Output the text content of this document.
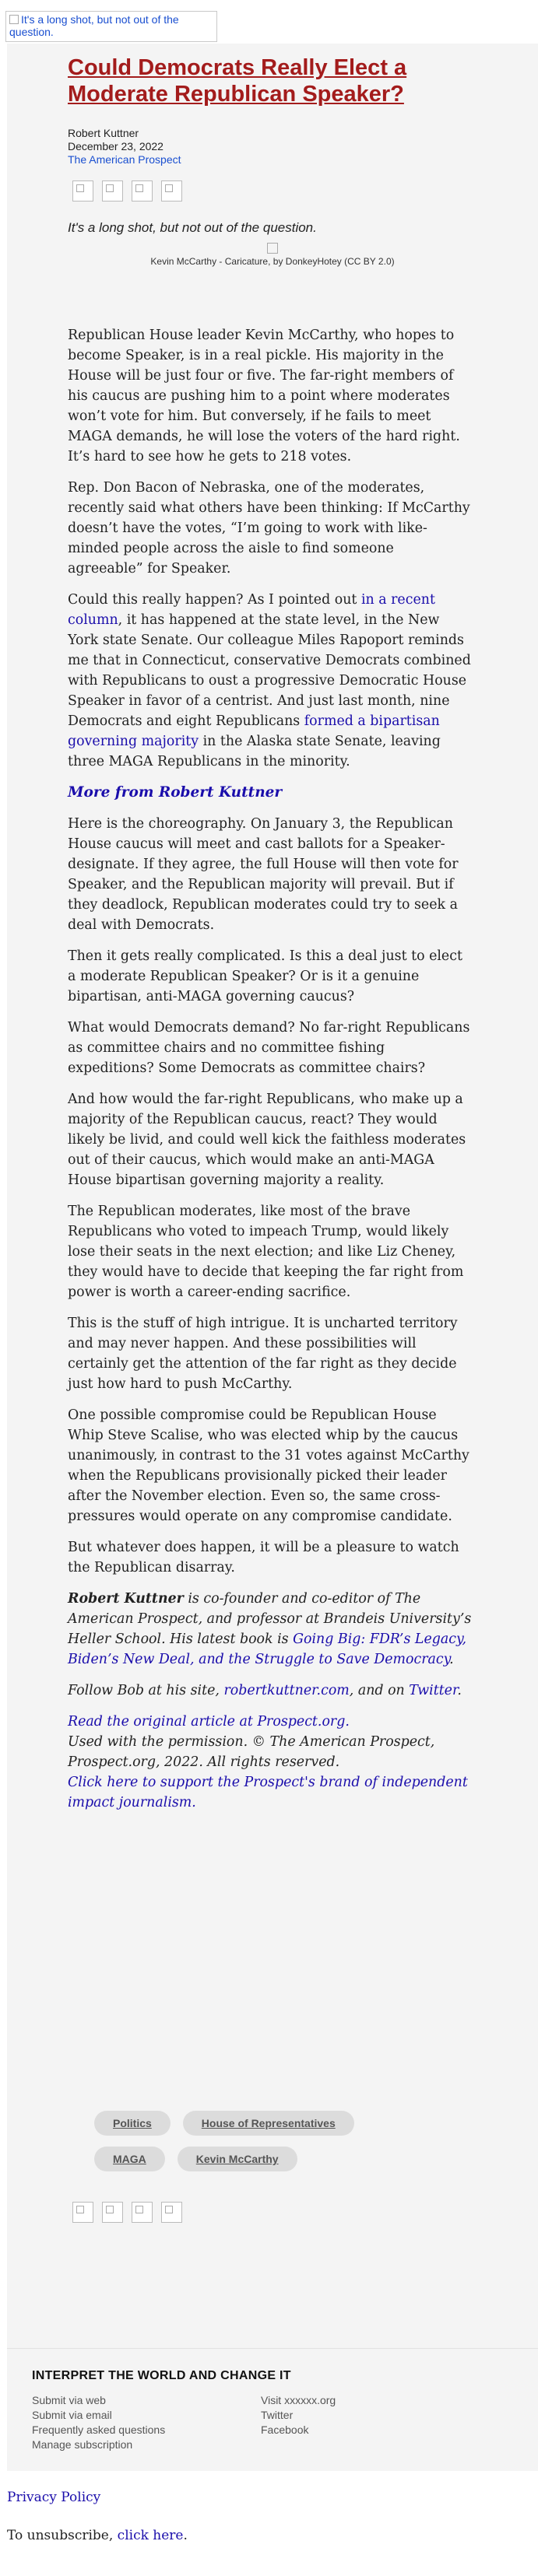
It's a long shot, but not out of the question.
Could Democrats Really Elect a Moderate Republican Speaker?
Robert Kuttner
December 23, 2022
The American Prospect
It's a long shot, but not out of the question.

Kevin McCarthy - Caricature, by DonkeyHotey (CC BY 2.0)

Republican House leader Kevin McCarthy, who hopes to become Speaker, is in a real pickle. His majority in the House will be just four or five. The far-right members of his caucus are pushing him to a point where moderates won’t vote for him. But conversely, if he fails to meet MAGA demands, he will lose the voters of the hard right. It’s hard to see how he gets to 218 votes.

Rep. Don Bacon of Nebraska, one of the moderates, recently said what others have been thinking: If McCarthy doesn’t have the votes, “I’m going to work with like-minded people across the aisle to find someone agreeable” for Speaker.

Could this really happen? As I pointed out in a recent column, it has happened at the state level, in the New York state Senate. Our colleague Miles Rapoport reminds me that in Connecticut, conservative Democrats combined with Republicans to oust a progressive Democratic House Speaker in favor of a centrist. And just last month, nine Democrats and eight Republicans formed a bipartisan governing majority in the Alaska state Senate, leaving three MAGA Republicans in the minority.

More from Robert Kuttner

Here is the choreography. On January 3, the Republican House caucus will meet and cast ballots for a Speaker-designate. If they agree, the full House will then vote for Speaker, and the Republican majority will prevail. But if they deadlock, Republican moderates could try to seek a deal with Democrats.

Then it gets really complicated. Is this a deal just to elect a moderate Republican Speaker? Or is it a genuine bipartisan, anti-MAGA governing caucus?

What would Democrats demand? No far-right Republicans as committee chairs and no committee fishing expeditions? Some Democrats as committee chairs?

And how would the far-right Republicans, who make up a majority of the Republican caucus, react? They would likely be livid, and could well kick the faithless moderates out of their caucus, which would make an anti-MAGA House bipartisan governing majority a reality.

The Republican moderates, like most of the brave Republicans who voted to impeach Trump, would likely lose their seats in the next election; and like Liz Cheney, they would have to decide that keeping the far right from power is worth a career-ending sacrifice.

This is the stuff of high intrigue. It is uncharted territory and may never happen. And these possibilities will certainly get the attention of the far right as they decide just how hard to push McCarthy.

One possible compromise could be Republican House Whip Steve Scalise, who was elected whip by the caucus unanimously, in contrast to the 31 votes against McCarthy when the Republicans provisionally picked their leader after the November election. Even so, the same cross-pressures would operate on any compromise candidate.

But whatever does happen, it will be a pleasure to watch the Republican disarray.

Robert Kuttner is co-founder and co-editor of The American Prospect, and professor at Brandeis University’s Heller School. His latest book is Going Big: FDR’s Legacy, Biden’s New Deal, and the Struggle to Save Democracy.

Follow Bob at his site, robertkuttner.com, and on Twitter.

Read the original article at Prospect.org.
Used with the permission. © The American Prospect, Prospect.org, 2022. All rights reserved.
Click here to support the Prospect's brand of independent impact journalism.

Politics	House of Representatives
MAGA	Kevin McCarthy
INTERPRET THE WORLD AND CHANGE IT
Submit via web
Submit via email
Frequently asked questions
Manage subscription
Visit xxxxxx.org
Twitter
Facebook
Privacy Policy
To unsubscribe, click here.
